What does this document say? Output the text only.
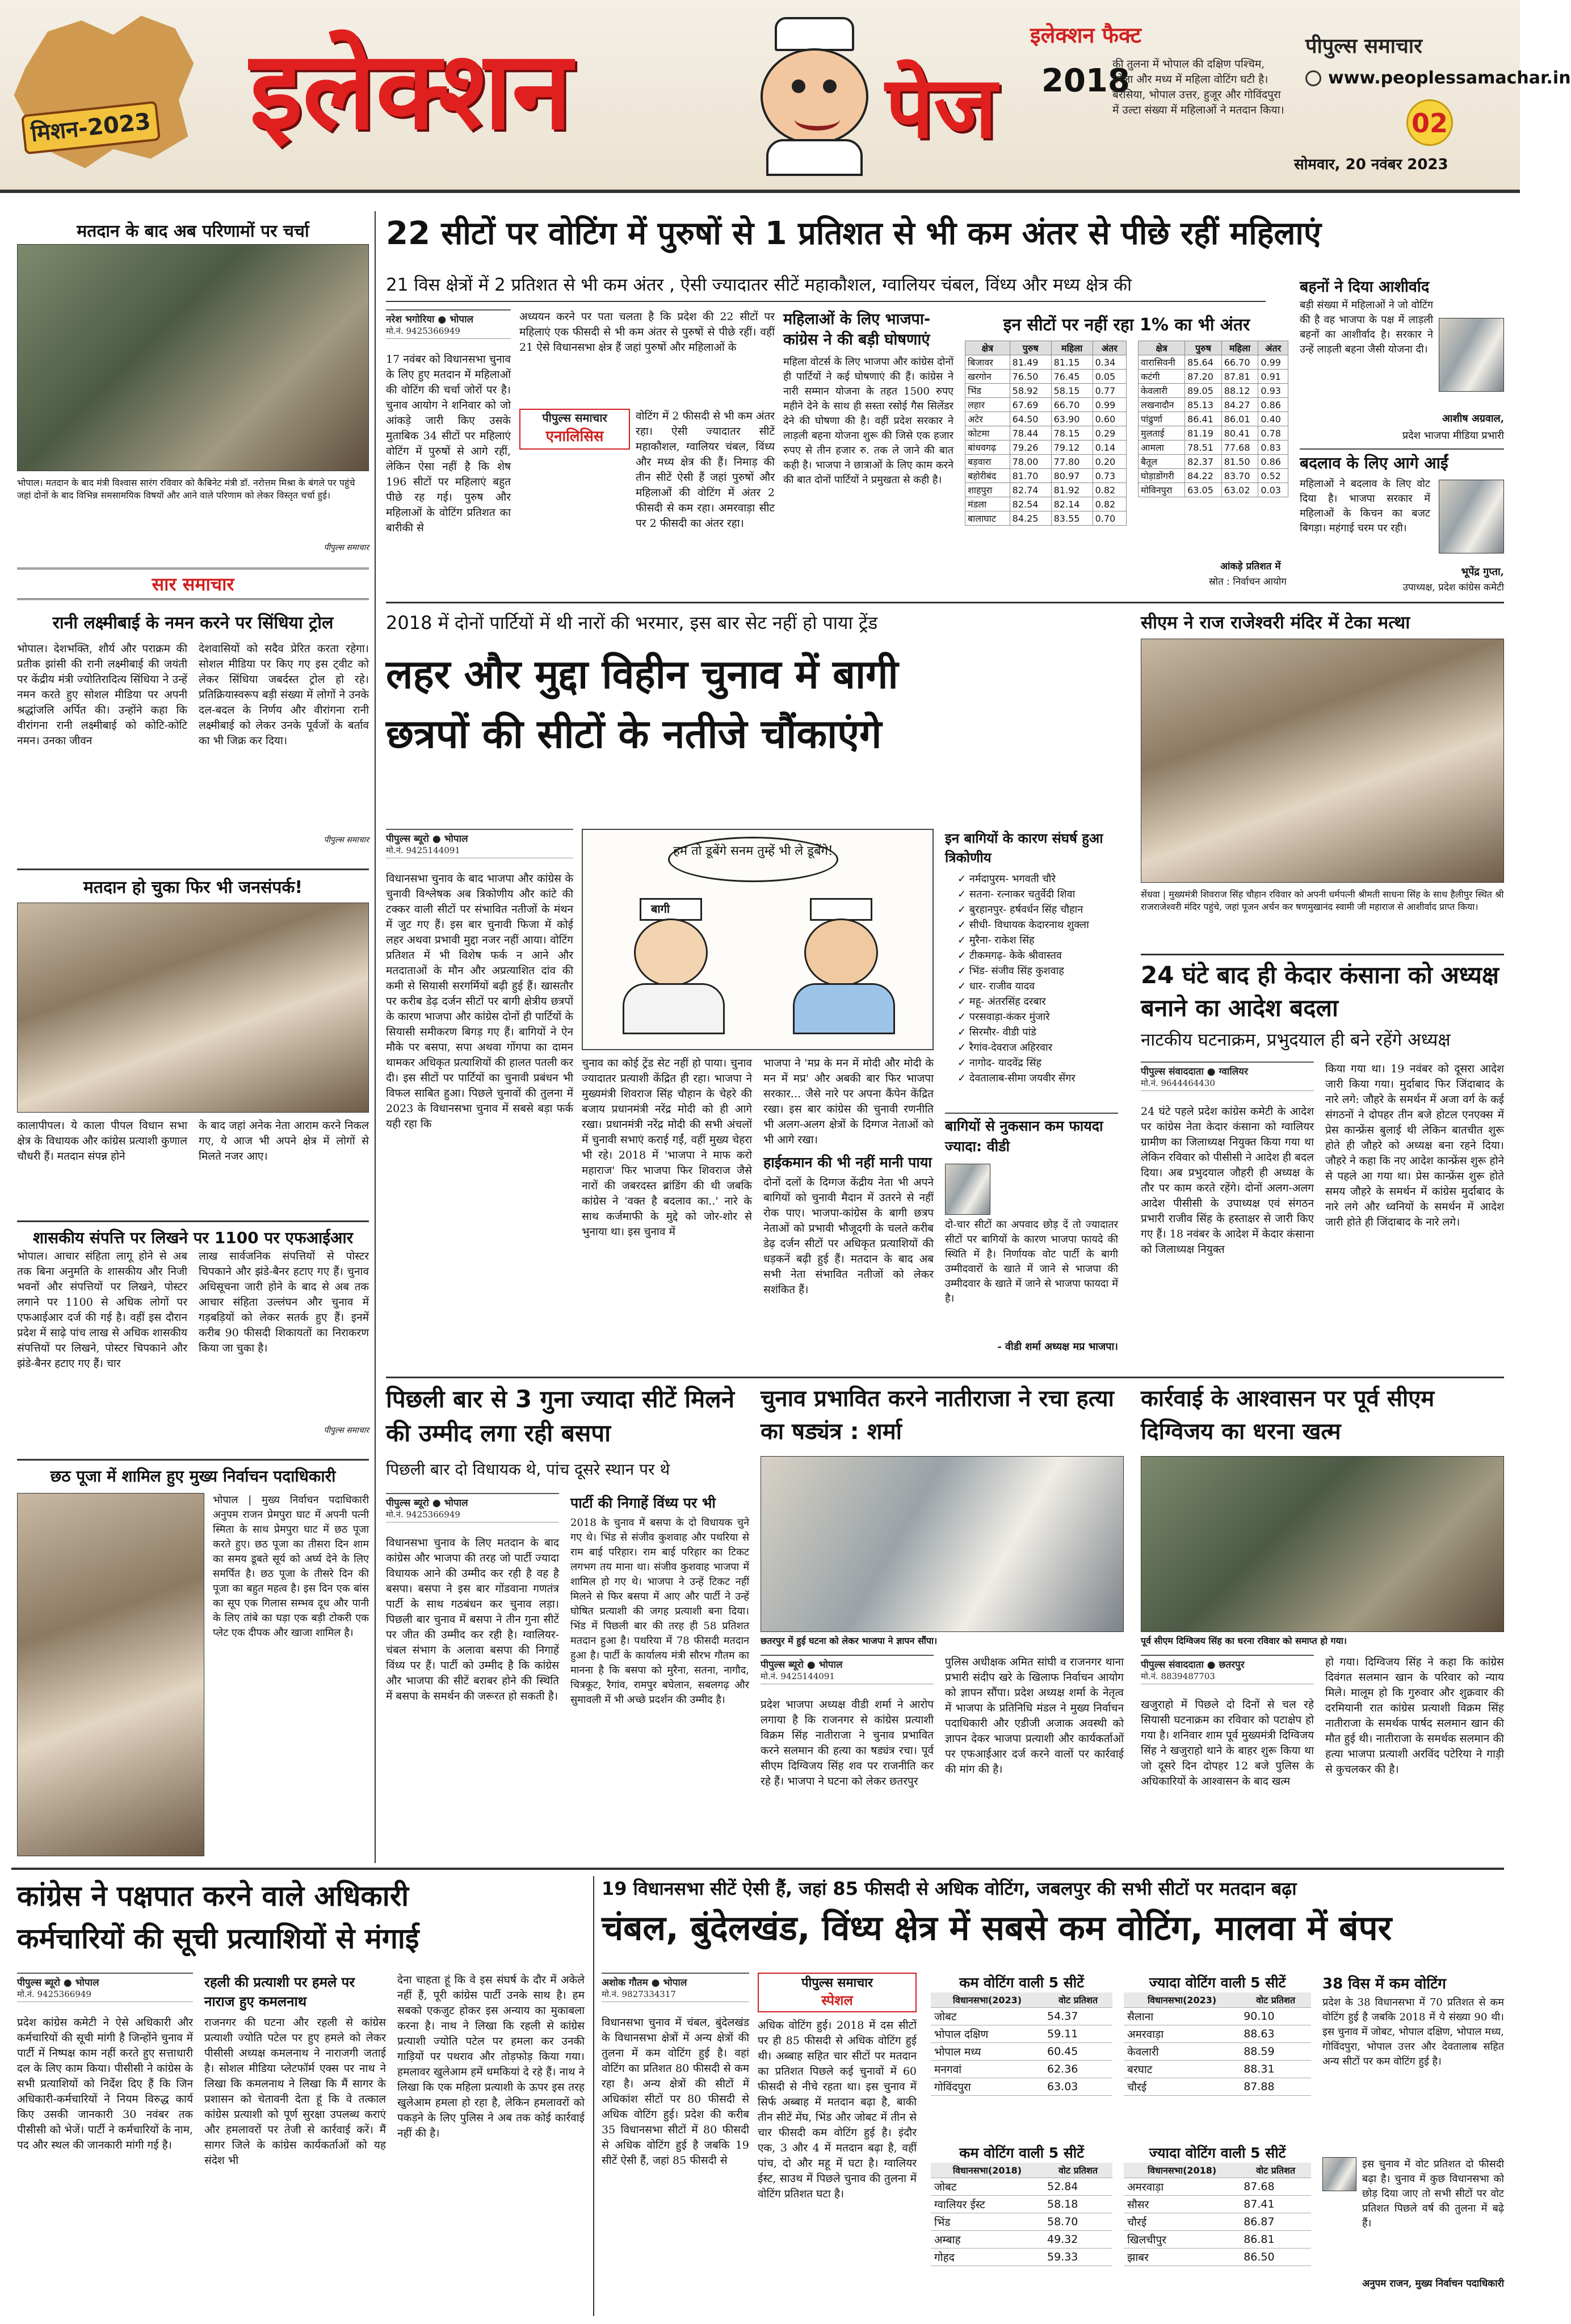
मिशन-2023 इलेक्शन	पेज
इलेक्शन फैक्ट
2018
की तुलना में भोपाल की दक्षिण पश्चिम, नरेला और मध्य में महिला वोटिंग घटी है। बैरसिया, भोपाल उत्तर, हुजूर और गोविंदपुरा में उल्टा संख्या में महिलाओं ने मतदान किया।
पीपुल्स समाचार
www.peoplessamachar.in
02
सोमवार, 20 नवंबर 2023
मतदान के बाद अब परिणामों पर चर्चा
भोपाल। मतदान के बाद मंत्री विश्वास सारंग रविवार को कैबिनेट मंत्री डॉ. नरोत्तम मिश्रा के बंगले पर पहुंचे जहां दोनों के बाद विभिन्न समसामयिक विषयों और आने वाले परिणाम को लेकर विस्तृत चर्चा हुई।
पीपुल्स समाचार
सार समाचार
रानी लक्ष्मीबाई के नमन करने पर सिंधिया ट्रोल
भोपाल। देशभक्ति, शौर्य और पराक्रम की प्रतीक झांसी की रानी लक्ष्मीबाई की जयंती पर केंद्रीय मंत्री ज्योतिरादित्य सिंधिया ने उन्हें नमन करते हुए सोशल मीडिया पर अपनी श्रद्धांजलि अर्पित की। उन्होंने कहा कि वीरांगना रानी लक्ष्मीबाई को कोटि-कोटि नमन। उनका जीवन
देशवासियों को सदैव प्रेरित करता रहेगा। सोशल मीडिया पर किए गए इस ट्वीट को लेकर सिंधिया जबर्दस्त ट्रोल हो रहे। प्रतिक्रियास्वरूप बड़ी संख्या में लोगों ने उनके दल-बदल के निर्णय और वीरांगना रानी लक्ष्मीबाई को लेकर उनके पूर्वजों के बर्ताव का भी जिक्र कर दिया।
पीपुल्स समाचार
मतदान हो चुका फिर भी जनसंपर्क!
कालापीपल। ये काला पीपल विधान सभा क्षेत्र के विधायक और कांग्रेस प्रत्याशी कुणाल चौधरी हैं। मतदान संपन्न होने
के बाद जहां अनेक नेता आराम करने निकल गए, ये आज भी अपने क्षेत्र में लोगों से मिलते नजर आए।
शासकीय संपत्ति पर लिखने पर 1100 पर एफआईआर
भोपाल। आचार संहिता लागू होने से अब तक बिना अनुमति के शासकीय और निजी भवनों और संपत्तियों पर लिखने, पोस्टर लगाने पर 1100 से अधिक लोगों पर एफआईआर दर्ज की गई है। वहीं इस दौरान प्रदेश में साढ़े पांच लाख से अधिक शासकीय संपत्तियों पर लिखने, पोस्टर चिपकाने और झंडे-बैनर हटाए गए हैं। चार
लाख सार्वजनिक संपत्तियों से पोस्टर चिपकाने और झंडे-बैनर हटाए गए हैं। चुनाव अधिसूचना जारी होने के बाद से अब तक आचार संहिता उल्लंघन और चुनाव में गड़बड़ियों को लेकर सतर्क हुए हैं। इनमें करीब 90 फीसदी शिकायतों का निराकरण किया जा चुका है।
पीपुल्स समाचार
छठ पूजा में शामिल हुए मुख्य निर्वाचन पदाधिकारी
भोपाल | मुख्य निर्वाचन पदाधिकारी अनुपम राजन प्रेमपुरा घाट में अपनी पत्नी स्मिता के साथ प्रेमपुरा घाट में छठ पूजा करते हुए। छठ पूजा का तीसरा दिन शाम का समय डूबते सूर्य को अर्घ्य देने के लिए समर्पित है। छठ पूजा के तीसरे दिन की पूजा का बहुत महत्व है। इस दिन एक बांस का सूप एक गिलास सम्भव दूध और पानी के लिए तांबे का घड़ा एक बड़ी टोकरी एक प्लेट एक दीपक और खाजा शामिल है।
22 सीटों पर वोटिंग में पुरुषों से 1 प्रतिशत से भी कम अंतर से पीछे रहीं महिलाएं
21 विस क्षेत्रों में 2 प्रतिशत से भी कम अंतर , ऐसी ज्यादातर सीटें महाकौशल, ग्वालियर चंबल, विंध्य और मध्य क्षेत्र की
नरेश भगोरिया ● भोपाल
मो.नं. 9425366949
17 नवंबर को विधानसभा चुनाव के लिए हुए मतदान में महिलाओं की वोटिंग की चर्चा जोरों पर है। चुनाव आयोग ने शनिवार को जो आंकड़े जारी किए उसके मुताबिक 34 सीटों पर महिलाएं वोटिंग में पुरुषों से आगे रहीं, लेकिन ऐसा नहीं है कि शेष 196 सीटों पर महिलाएं बहुत पीछे रह गई। पुरुष और महिलाओं के वोटिंग प्रतिशत का बारीकी से
अध्ययन करने पर पता चलता है कि प्रदेश की 22 सीटों पर महिलाएं एक फीसदी से भी कम अंतर से पुरुषों से पीछे रहीं। वहीं 21 ऐसे विधानसभा क्षेत्र हैं जहां पुरुषों और महिलाओं के
पीपुल्स समाचार
एनालिसिस
वोटिंग में 2 फीसदी से भी कम अंतर रहा। ऐसी ज्यादातर सीटें महाकौशल, ग्वालियर चंबल, विंध्य और मध्य क्षेत्र की हैं। निमाड़ की तीन सीटें ऐसी हैं जहां पुरुषों और महिलाओं की वोटिंग में अंतर 2 फीसदी से कम रहा। अमरवाड़ा सीट पर 2 फीसदी का अंतर रहा।
महिलाओं के लिए भाजपा-कांग्रेस ने की बड़ी घोषणाएं
महिला वोटर्स के लिए भाजपा और कांग्रेस दोनों ही पार्टियों ने कई घोषणाएं की हैं। कांग्रेस ने नारी सम्मान योजना के तहत 1500 रुपए महीने देने के साथ ही सस्ता रसोई गैस सिलेंडर देने की घोषणा की है। वहीं प्रदेश सरकार ने लाड़ली बहना योजना शुरू की जिसे एक हजार रुपए से तीन हजार रु. तक ले जाने की बात कही है। भाजपा ने छात्राओं के लिए काम करने की बात दोनों पार्टियों ने प्रमुखता से कही है।
इन सीटों पर नहीं रहा 1% का भी अंतर
क्षेत्र	पुरुष	महिला	अंतर
बिजावर	81.49	81.15	0.34
खरगोन	76.50	76.45	0.05
भिंड	58.92	58.15	0.77
लहार	67.69	66.70	0.99
अटेर	64.50	63.90	0.60
कोटमा	78.44	78.15	0.29
बांधवगढ़	79.26	79.12	0.14
बड़वारा	78.00	77.80	0.20
बहोरीबंद	81.70	80.97	0.73
शाहपुरा	82.74	81.92	0.82
मंडला	82.54	82.14	0.82
बालाघाट	84.25	83.55	0.70
क्षेत्र	पुरुष	महिला	अंतर
वारासिवनी	85.64	66.70	0.99
कटंगी	87.20	87.81	0.91
केवलारी	89.05	88.12	0.93
लखनादौन	85.13	84.27	0.86
पांढुर्णा	86.41	86.01	0.40
मुलताई	81.19	80.41	0.78
आमला	78.51	77.68	0.83
बैतूल	82.37	81.50	0.86
घोड़ाडोंगरी	84.22	83.70	0.52
मोविनपुरा	63.05	63.02	0.03
आंकड़े प्रतिशत में
स्रोत : निर्वाचन आयोग
बहनों ने दिया आशीर्वाद
बड़ी संख्या में महिलाओं ने जो वोटिंग की है वह भाजपा के पक्ष में लाड़ली बहनों का आशीर्वाद है। सरकार ने उन्हें लाड़ली बहना जैसी योजना दी।
आशीष अग्रवाल,
प्रदेश भाजपा मीडिया प्रभारी
बदलाव के लिए आगे आईं
महिलाओं ने बदलाव के लिए वोट दिया है। भाजपा सरकार में महिलाओं के किचन का बजट बिगड़ा। महंगाई चरम पर रही।
भूपेंद्र गुप्ता,
उपाध्यक्ष, प्रदेश कांग्रेस कमेटी
2018 में दोनों पार्टियों में थी नारों की भरमार, इस बार सेट नहीं हो पाया ट्रेंड
लहर और मुद्दा विहीन चुनाव में बागी
छत्रपों की सीटों के नतीजे चौंकाएंगे
पीपुल्स ब्यूरो ● भोपाल
मो.नं. 9425144091
विधानसभा चुनाव के बाद भाजपा और कांग्रेस के चुनावी विश्लेषक अब त्रिकोणीय और कांटे की टक्कर वाली सीटों पर संभावित नतीजों के मंथन में जुट गए हैं। इस बार चुनावी फिजा में कोई लहर अथवा प्रभावी मुद्दा नजर नहीं आया। वोटिंग प्रतिशत में भी विशेष फर्क न आने और मतदाताओं के मौन और अप्रत्याशित दांव की कमी से सियासी सरगर्मियों बढ़ी हुई हैं। खासतौर पर करीब डेढ़ दर्जन सीटों पर बागी क्षेत्रीय छत्रपों के कारण भाजपा और कांग्रेस दोनों ही पार्टियों के सियासी समीकरण बिगड़ गए हैं। बागियों ने ऐन मौके पर बसपा, सपा अथवा गोंगपा का दामन थामकर अधिकृत प्रत्याशियों की हालत पतली कर दी। इस सीटों पर पार्टियों का चुनावी प्रबंधन भी विफल साबित हुआ। पिछले चुनावों की तुलना में 2023 के विधानसभा चुनाव में सबसे बड़ा फर्क यही रहा कि
हम तो डूबेंगे सनम तुम्हें भी ले डूबेंगे!
बागी
चुनाव का कोई ट्रेंड सेट नहीं हो पाया। चुनाव ज्यादातर प्रत्याशी केंद्रित ही रहा। भाजपा ने मुख्यमंत्री शिवराज सिंह चौहान के चेहरे की बजाय प्रधानमंत्री नरेंद्र मोदी को ही आगे रखा। प्रधानमंत्री नरेंद्र मोदी की सभी अंचलों में चुनावी सभाएं कराई गईं, वहीं मुख्य चेहरा भी रहे। 2018 में 'भाजपा ने माफ करो महाराज' फिर भाजपा फिर शिवराज जैसे नारों की जबरदस्त ब्रांडिंग की थी जबकि कांग्रेस ने 'वक्त है बदलाव का..' नारे के साथ कर्जमाफी के मुद्दे को जोर-शोर से भुनाया था। इस चुनाव में
भाजपा ने 'मप्र के मन में मोदी और मोदी के मन में मप्र' और अबकी बार फिर भाजपा सरकार... जैसे नारे पर अपना कैंपेन केंद्रित रखा। इस बार कांग्रेस की चुनावी रणनीति भी अलग-अलग क्षेत्रों के दिग्गज नेताओं को भी आगे रखा।
हाईकमान की भी नहीं मानी पाया
दोनों दलों के दिग्गज केंद्रीय नेता भी अपने बागियों को चुनावी मैदान में उतरने से नहीं रोक पाए। भाजपा-कांग्रेस के बागी छत्रप नेताओं को प्रभावी भौजूदगी के चलते करीब डेढ़ दर्जन सीटों पर अधिकृत प्रत्याशियों की धड़कनें बढ़ी हुई हैं। मतदान के बाद अब सभी नेता संभावित नतीजों को लेकर सशंकित हैं।
इन बागियों के कारण संघर्ष हुआ त्रिकोणीय
✓ नर्मदापुरम- भगवती चौरे
✓ सतना- रत्नाकर चतुर्वेदी शिवा
✓ बुरहानपुर- हर्षवर्धन सिंह चौहान
✓ सीधी- विधायक केदारनाथ शुक्ला
✓ मुरैना- राकेश सिंह
✓ टीकमगढ़- केके श्रीवास्तव
✓ भिंड- संजीव सिंह कुशवाह
✓ धार- राजीव यादव
✓ महू- अंतरसिंह दरबार
✓ परसवाड़ा-कंकर मुंजारे
✓ सिरमौर- वीडी पांडे
✓ रैगांव-देवराज अहिरवार
✓ नागोद- यादवेंद्र सिंह
✓ देवतालाब-सीमा जयवीर सेंगर
बागियों से नुकसान कम फायदा ज्यादा: वीडी
दो-चार सीटों का अपवाद छोड़ दें तो ज्यादातर सीटों पर बागियों के कारण भाजपा फायदे की स्थिति में है। निर्णायक वोट पार्टी के बागी उम्मीदवारों के खाते में जाने से भाजपा की उम्मीदवार के खाते में जाने से भाजपा फायदा में है।
- वीडी शर्मा अध्यक्ष मप्र भाजपा।
सीएम ने राज राजेश्वरी मंदिर में टेका मत्था
सेंधवा | मुख्यमंत्री शिवराज सिंह चौहान रविवार को अपनी धर्मपत्नी श्रीमती साधना सिंह के साथ हैलीपुर स्थित श्री राजराजेश्वरी मंदिर पहुंचे, जहां पूजन अर्चन कर षणमुखानंद स्वामी जी महाराज से आशीर्वाद प्राप्त किया।
24 घंटे बाद ही केदार कंसाना को अध्यक्ष बनाने का आदेश बदला
नाटकीय घटनाक्रम, प्रभुदयाल ही बने रहेंगे अध्यक्ष
पीपुल्स संवाददाता ● ग्वालियर
मो.नं. 9644464430
24 घंटे पहले प्रदेश कांग्रेस कमेटी के आदेश पर कांग्रेस नेता केदार कंसाना को ग्वालियर ग्रामीण का जिलाध्यक्ष नियुक्त किया गया था लेकिन रविवार को पीसीसी ने आदेश ही बदल दिया। अब प्रभुदयाल जौहरी ही अध्यक्ष के तौर पर काम करते रहेंगे। दोनों अलग-अलग आदेश पीसीसी के उपाध्यक्ष एवं संगठन प्रभारी राजीव सिंह के हस्ताक्षर से जारी किए गए हैं। 18 नवंबर के आदेश में केदार कंसाना को जिलाध्यक्ष नियुक्त
किया गया था। 19 नवंबर को दूसरा आदेश जारी किया गया। मुर्दाबाद फिर जिंदाबाद के नारे लगे: जौहरे के समर्थन में अजा वर्ग के कई संगठनों ने दोपहर तीन बजे होटल एनएक्स में प्रेस कान्फ्रेंस बुलाई थी लेकिन बातचीत शुरू होते ही जौहरे को अध्यक्ष बना रहने दिया। जौहरे ने कहा कि नए आदेश कान्फ्रेंस शुरू होने से पहले आ गया था। प्रेस कान्फ्रेंस शुरू होते समय जौहरे के समर्थन में कांग्रेस मुर्दाबाद के नारे लगे और ध्वनियों के समर्थन में आदेश जारी होते ही जिंदाबाद के नारे लगे।
पिछली बार से 3 गुना ज्यादा सीटें मिलने की उम्मीद लगा रही बसपा
पिछली बार दो विधायक थे, पांच दूसरे स्थान पर थे
पीपुल्स ब्यूरो ● भोपाल
मो.नं. 9425366949
विधानसभा चुनाव के लिए मतदान के बाद कांग्रेस और भाजपा की तरह जो पार्टी ज्यादा विधायक आने की उम्मीद कर रही है वह है बसपा। बसपा ने इस बार गोंडवाना गणतंत्र पार्टी के साथ गठबंधन कर चुनाव लड़ा। पिछली बार चुनाव में बसपा ने तीन गुना सीटें पर जीत की उम्मीद कर रही है। ग्वालियर-चंबल संभाग के अलावा बसपा की निगाहें विंध्य पर हैं। पार्टी को उम्मीद है कि कांग्रेस और भाजपा की सीटें बराबर होने की स्थिति में बसपा के समर्थन की जरूरत हो सकती है।
पार्टी की निगाहें विंध्य पर भी
2018 के चुनाव में बसपा के दो विधायक चुने गए थे। भिंड से संजीव कुशवाह और पथरिया से राम बाई परिहार। राम बाई परिहार का टिकट लगभग तय माना था। संजीव कुशवाह भाजपा में शामिल हो गए थे। भाजपा ने उन्हें टिकट नहीं मिलने से फिर बसपा में आए और पार्टी ने उन्हें घोषित प्रत्याशी की जगह प्रत्याशी बना दिया। भिंड में पिछली बार की तरह ही 58 प्रतिशत मतदान हुआ है। पथरिया में 78 फीसदी मतदान हुआ है। पार्टी के कार्यालय मंत्री सौरभ गौतम का मानना है कि बसपा को मुरैना, सतना, नागौद, चित्रकूट, रैगांव, रामपुर बघेलान, सबलगढ़ और सुमावली में भी अच्छे प्रदर्शन की उम्मीद है।
चुनाव प्रभावित करने नातीराजा ने रचा हत्या का षड्यंत्र : शर्मा
छतरपुर में हुई घटना को लेकर भाजपा ने ज्ञापन सौंपा।
पीपुल्स ब्यूरो ● भोपाल
मो.नं. 9425144091
प्रदेश भाजपा अध्यक्ष वीडी शर्मा ने आरोप लगाया है कि राजनगर से कांग्रेस प्रत्याशी विक्रम सिंह नातीराजा ने चुनाव प्रभावित करने सलमान की हत्या का षड्यंत्र रचा। पूर्व सीएम दिग्विजय सिंह शव पर राजनीति कर रहे हैं। भाजपा ने घटना को लेकर छतरपुर
पुलिस अधीक्षक अमित सांघी व राजनगर थाना प्रभारी संदीप खरे के खिलाफ निर्वाचन आयोग को ज्ञापन सौंपा। प्रदेश अध्यक्ष शर्मा के नेतृत्व में भाजपा के प्रतिनिधि मंडल ने मुख्य निर्वाचन पदाधिकारी और एडीजी अजाक अवस्थी को ज्ञापन देकर भाजपा प्रत्याशी और कार्यकर्ताओं पर एफआईआर दर्ज करने वालों पर कार्रवाई की मांग की है।
कार्रवाई के आश्वासन पर पूर्व सीएम दिग्विजय का धरना खत्म
पूर्व सीएम दिग्विजय सिंह का धरना रविवार को समाप्त हो गया।
पीपुल्स संवाददाता ● छतरपुर
मो.नं. 8839487703
खजुराहो में पिछले दो दिनों से चल रहे सियासी घटनाक्रम का रविवार को पटाक्षेप हो गया है। शनिवार शाम पूर्व मुख्यमंत्री दिग्विजय सिंह ने खजुराहो थाने के बाहर शुरू किया था जो दूसरे दिन दोपहर 12 बजे पुलिस के अधिकारियों के आश्वासन के बाद खत्म
हो गया। दिग्विजय सिंह ने कहा कि कांग्रेस दिवंगत सलमान खान के परिवार को न्याय मिले। मालूम हो कि गुरुवार और शुक्रवार की दरमियानी रात कांग्रेस प्रत्याशी विक्रम सिंह नातीराजा के समर्थक पार्षद सलमान खान की मौत हुई थी। नातीराजा के समर्थक सलमान की हत्या भाजपा प्रत्याशी अरविंद पटेरिया ने गाड़ी से कुचलकर की है।
कांग्रेस ने पक्षपात करने वाले अधिकारी
कर्मचारियों की सूची प्रत्याशियों से मंगाई
पीपुल्स ब्यूरो ● भोपाल
मो.नं. 9425366949
प्रदेश कांग्रेस कमेटी ने ऐसे अधिकारी और कर्मचारियों की सूची मांगी है जिन्होंने चुनाव में पार्टी में निष्पक्ष काम नहीं करते हुए सत्ताधारी दल के लिए काम किया। पीसीसी ने कांग्रेस के सभी प्रत्याशियों को निर्देश दिए हैं कि जिन अधिकारी-कर्मचारियों ने नियम विरुद्ध कार्य किए उसकी जानकारी 30 नवंबर तक पीसीसी को भेजें। पार्टी ने कर्मचारियों के नाम, पद और स्थल की जानकारी मांगी गई है।
रहली की प्रत्याशी पर हमले पर नाराज हुए कमलनाथ
राजनगर की घटना और रहली से कांग्रेस प्रत्याशी ज्योति पटेल पर हुए हमले को लेकर पीसीसी अध्यक्ष कमलनाथ ने नाराजगी जताई है। सोशल मीडिया प्लेटफॉर्म एक्स पर नाथ ने लिखा कि कमलनाथ ने लिखा कि मैं सागर के प्रशासन को चेतावनी देता हूं कि वे तत्काल कांग्रेस प्रत्याशी को पूर्ण सुरक्षा उपलब्ध कराएं और हमलावरों पर तेजी से कार्रवाई करें। मैं सागर जिले के कांग्रेस कार्यकर्ताओं को यह संदेश भी
देना चाहता हूं कि वे इस संघर्ष के दौर में अकेले नहीं हैं, पूरी कांग्रेस पार्टी उनके साथ है। हम सबको एकजुट होकर इस अन्याय का मुकाबला करना है। नाथ ने लिखा कि रहली से कांग्रेस प्रत्याशी ज्योति पटेल पर हमला कर उनकी गाड़ियों पर पथराव और तोड़फोड़ किया गया। हमलावर खुलेआम हमें धमकियां दे रहे हैं। नाथ ने लिखा कि एक महिला प्रत्याशी के ऊपर इस तरह खुलेआम हमला हो रहा है, लेकिन हमलावरों को पकड़ने के लिए पुलिस ने अब तक कोई कार्रवाई नहीं की है।
19 विधानसभा सीटें ऐसी हैं, जहां 85 फीसदी से अधिक वोटिंग, जबलपुर की सभी सीटों पर मतदान बढ़ा
चंबल, बुंदेलखंड, विंध्य क्षेत्र में सबसे कम वोटिंग, मालवा में बंपर
अशोक गौतम ● भोपाल
मो.नं. 9827334317
विधानसभा चुनाव में चंबल, बुंदेलखंड के विधानसभा क्षेत्रों में अन्य क्षेत्रों की तुलना में कम वोटिंग हुई है। वहां वोटिंग का प्रतिशत 80 फीसदी से कम रहा है। अन्य क्षेत्रों की सीटों में अधिकांश सीटों पर 80 फीसदी से अधिक वोटिंग हुई। प्रदेश की करीब 35 विधानसभा सीटों में 80 फीसदी से अधिक वोटिंग हुई है जबकि 19 सीटें ऐसी हैं, जहां 85 फीसदी से
पीपुल्स समाचार
स्पेशल
अधिक वोटिंग हुई। 2018 में दस सीटों पर ही 85 फीसदी से अधिक वोटिंग हुई थी। अब्बाह सहित चार सीटों पर मतदान का प्रतिशत पिछले कई चुनावों में 60 फीसदी से नीचे रहता था। इस चुनाव में सिर्फ अब्बाह में मतदान बढ़ा है, बाकी तीन सीटें मेंघ, भिंड और जोबट में तीन से चार फीसदी कम वोटिंग हुई है। इंदौर एक, 3 और 4 में मतदान बढ़ा है, वहीं पांच, दो और महू में घटा है। ग्वालियर ईस्ट, साउथ में पिछले चुनाव की तुलना में वोटिंग प्रतिशत घटा है।
कम वोटिंग वाली 5 सीटें
विधानसभा(2023)	वोट प्रतिशत
जोबट	54.37
भोपाल दक्षिण	59.11
भोपाल मध्य	60.45
मनगवां	62.36
गोविंदपुरा	63.03
कम वोटिंग वाली 5 सीटें
विधानसभा(2018)	वोट प्रतिशत
जोबट	52.84
ग्वालियर ईस्ट	58.18
भिंड	58.70
अम्बाह	49.32
गोहद	59.33
ज्यादा वोटिंग वाली 5 सीटें
विधानसभा(2023)	वोट प्रतिशत
सैलाना	90.10
अमरवाड़ा	88.63
केवलारी	88.59
बरघाट	88.31
चौरई	87.88
ज्यादा वोटिंग वाली 5 सीटें
विधानसभा(2018)	वोट प्रतिशत
अमरवाड़ा	87.68
सौसर	87.41
चौरई	86.87
खिलचीपुर	86.81
झाबर	86.50
38 विस में कम वोटिंग
प्रदेश के 38 विधानसभा में 70 प्रतिशत से कम वोटिंग हुई है जबकि 2018 में ये संख्या 90 थी। इस चुनाव में जोबट, भोपाल दक्षिण, भोपाल मध्य, गोविंदपुरा, भोपाल उत्तर और देवतालाब सहित अन्य सीटों पर कम वोटिंग हुई है।
इस चुनाव में वोट प्रतिशत दो फीसदी बढ़ा है। चुनाव में कुछ विधानसभा को छोड़ दिया जाए तो सभी सीटों पर वोट प्रतिशत पिछले वर्ष की तुलना में बढ़े हैं।
अनुपम राजन, मुख्य निर्वाचन पदाधिकारी
